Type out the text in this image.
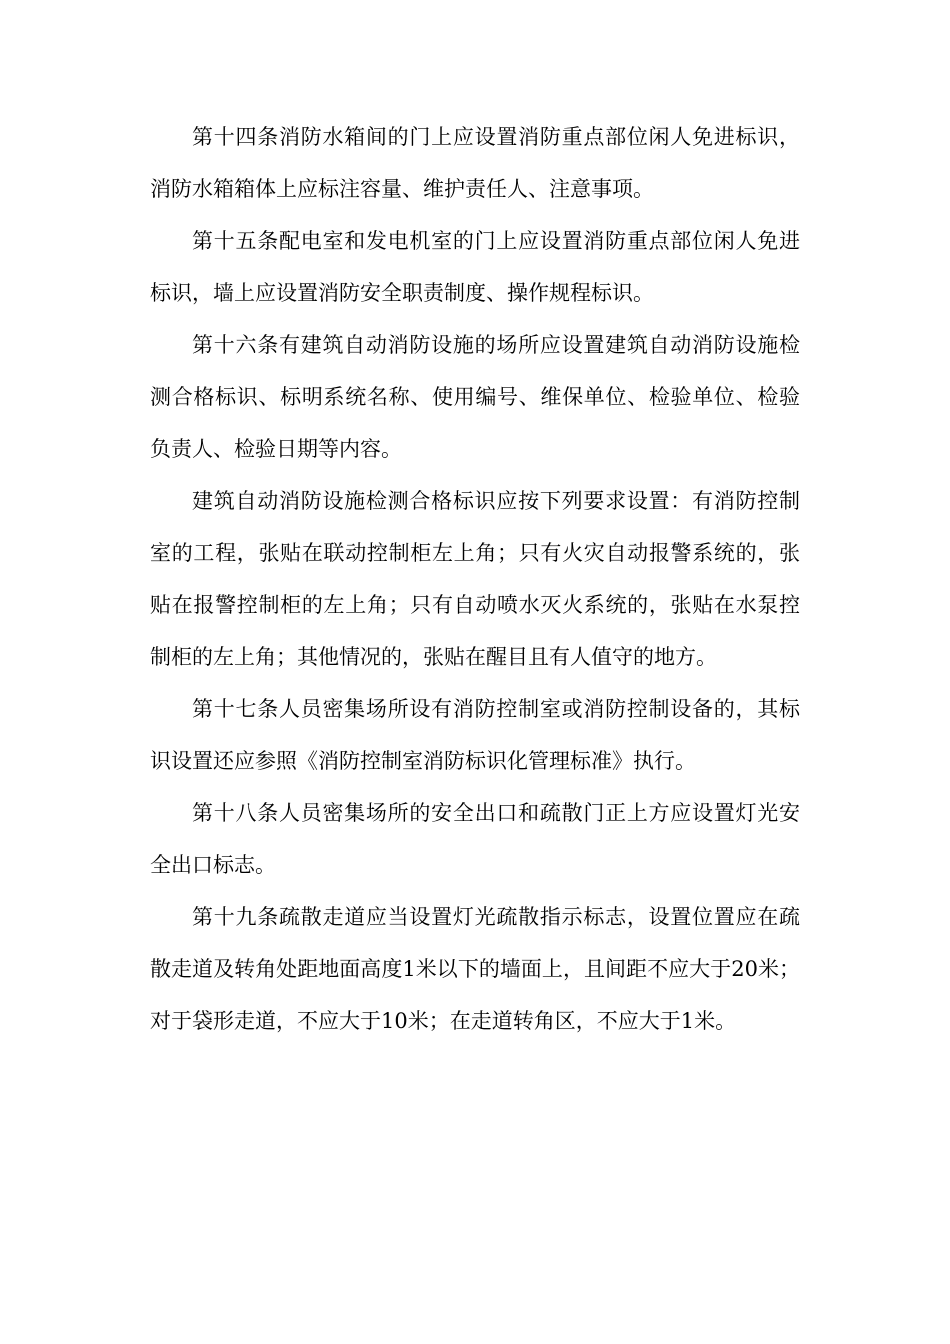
第十四条消防水箱间的门上应设置消防重点部位闲人免进标识，消防水箱箱体上应标注容量、维护责任人、注意事项。

第十五条配电室和发电机室的门上应设置消防重点部位闲人免进标识，墙上应设置消防安全职责制度、操作规程标识。

第十六条有建筑自动消防设施的场所应设置建筑自动消防设施检测合格标识、标明系统名称、使用编号、维保单位、检验单位、检验负责人、检验日期等内容。

建筑自动消防设施检测合格标识应按下列要求设置：有消防控制室的工程，张贴在联动控制柜左上角；只有火灾自动报警系统的，张贴在报警控制柜的左上角；只有自动喷水灭火系统的，张贴在水泵控制柜的左上角；其他情况的，张贴在醒目且有人值守的地方。

第十七条人员密集场所设有消防控制室或消防控制设备的，其标识设置还应参照《消防控制室消防标识化管理标准》执行。

第十八条人员密集场所的安全出口和疏散门正上方应设置灯光安全出口标志。

第十九条疏散走道应当设置灯光疏散指示标志，设置位置应在疏散走道及转角处距地面高度1米以下的墙面上，且间距不应大于20米；对于袋形走道，不应大于10米；在走道转角区，不应大于1米。
